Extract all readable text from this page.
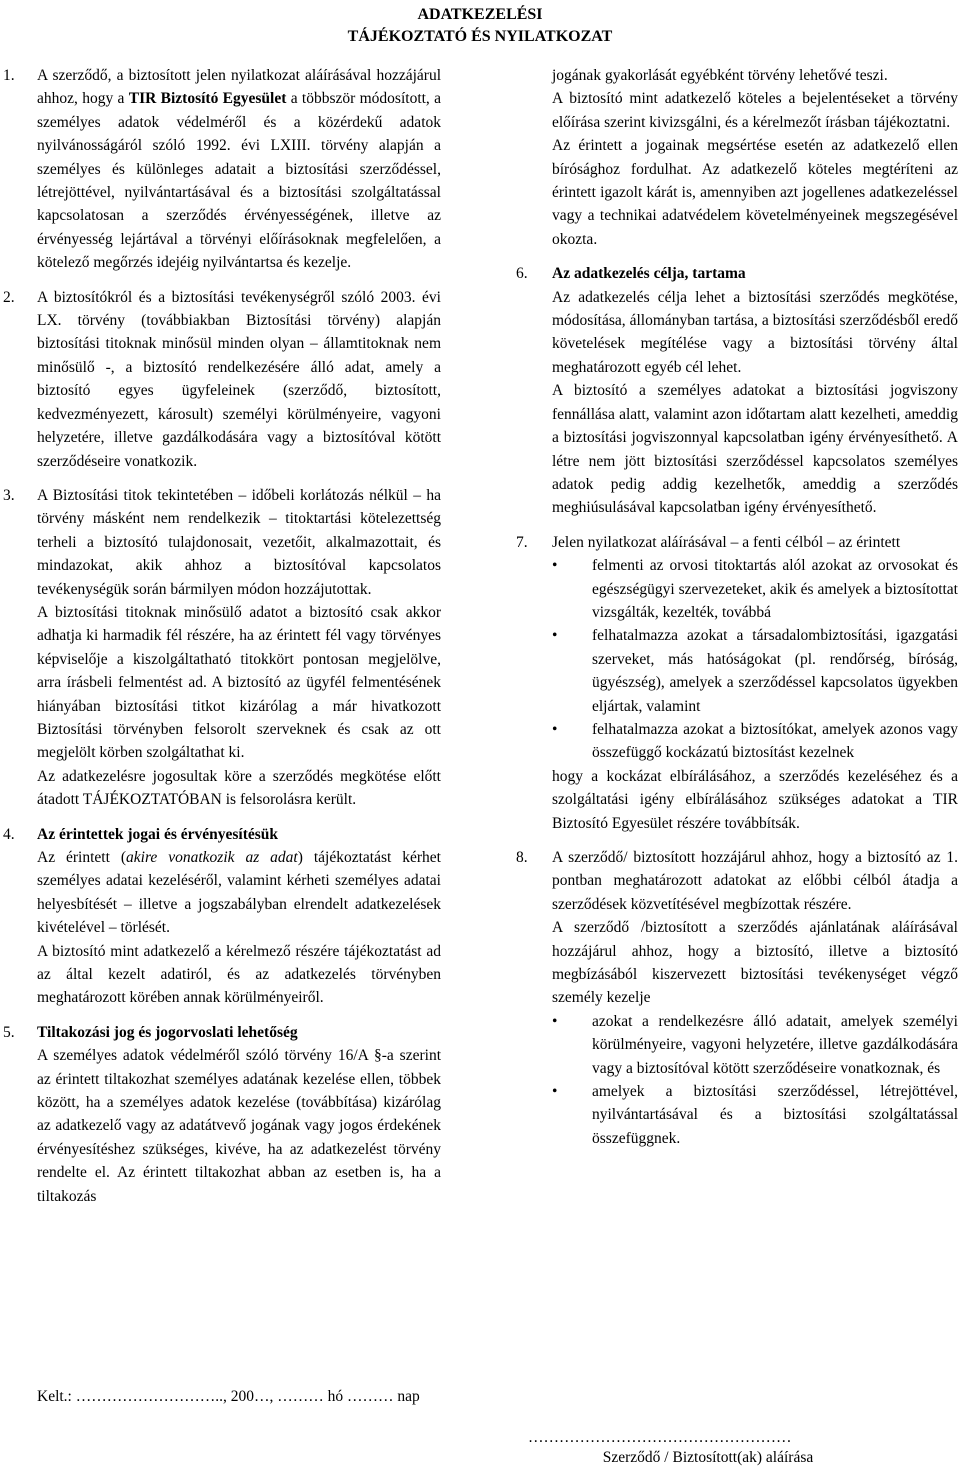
ADATKEZELÉSI
TÁJÉKOZTATÓ ÉS NYILATKOZAT
1. A szerződő, a biztosított jelen nyilatkozat aláírásával hozzájárul ahhoz, hogy a TIR Biztosító Egyesület a többször módosított, a személyes adatok védelméről és a közérdekű adatok nyilvánosságáról szóló 1992. évi LXIII. törvény alapján a személyes és különleges adatait a biztosítási szerződéssel, létrejöttével, nyilvántartásával és a biztosítási szolgáltatással kapcsolatosan a szerződés érvényességének, illetve az érvényesség lejártával a törvényi előírásoknak megfelelően, a kötelező megőrzés idejéig nyilvántartsa és kezelje.

2. A biztosítókról és a biztosítási tevékenységről szóló 2003. évi LX. törvény (továbbiakban Biztosítási törvény) alapján biztosítási titoknak minősül minden olyan – államtitoknak nem minősülő -, a biztosító rendelkezésére álló adat, amely a biztosító egyes ügyfeleinek (szerződő, biztosított, kedvezményezett, károsult) személyi körülményeire, vagyoni helyzetére, illetve gazdálkodására vagy a biztosítóval kötött szerződéseire vonatkozik.

3. A Biztosítási titok tekintetében – időbeli korlátozás nélkül – ha törvény másként nem rendelkezik – titoktartási kötelezettség terheli a biztosító tulajdonosait, vezetőit, alkalmazottait, és mindazokat, akik ahhoz a biztosítóval kapcsolatos tevékenységük során bármilyen módon hozzájutottak.

A biztosítási titoknak minősülő adatot a biztosító csak akkor adhatja ki harmadik fél részére, ha az érintett fél vagy törvényes képviselője a kiszolgáltatható titokkört pontosan megjelölve, arra írásbeli felmentést ad. A biztosító az ügyfél felmentésének hiányában biztosítási titkot kizárólag a már hivatkozott Biztosítási törvényben felsorolt szerveknek és csak az ott megjelölt körben szolgáltathat ki.

Az adatkezelésre jogosultak köre a szerződés megkötése előtt átadott TÁJÉKOZTATÓBAN is felsorolásra került.

4. Az érintettek jogai és érvényesítésük

Az érintett (akire vonatkozik az adat) tájékoztatást kérhet személyes adatai kezeléséről, valamint kérheti személyes adatai helyesbítését – illetve a jogszabályban elrendelt adatkezelések kivételével – törlését.

A biztosító mint adatkezelő a kérelmező részére tájékoztatást ad az által kezelt adatiról, és az adatkezelés törvényben meghatározott körében annak körülményeiről.

5. Tiltakozási jog és jogorvoslati lehetőség

A személyes adatok védelméről szóló törvény 16/A §-a szerint az érintett tiltakozhat személyes adatának kezelése ellen, többek között, ha a személyes adatok kezelése (továbbítása) kizárólag az adatkezelő vagy az adatátvevő jogának vagy jogos érdekének érvényesítéshez szükséges, kivéve, ha az adatkezelést törvény rendelte el. Az érintett tiltakozhat abban az esetben is, ha a tiltakozás

jogának gyakorlását egyébként törvény lehetővé teszi.

A biztosító mint adatkezelő köteles a bejelentéseket a törvény előírása szerint kivizsgálni, és a kérelmezőt írásban tájékoztatni.

Az érintett a jogainak megsértése esetén az adatkezelő ellen bírósághoz fordulhat. Az adatkezelő köteles megtéríteni az érintett igazolt kárát is, amennyiben azt jogellenes adatkezeléssel vagy a technikai adatvédelem követelményeinek megszegésével okozta.

6. Az adatkezelés célja, tartama

Az adatkezelés célja lehet a biztosítási szerződés megkötése, módosítása, állományban tartása, a biztosítási szerződésből eredő követelések megítélése vagy a biztosítási törvény által meghatározott egyéb cél lehet.

A biztosító a személyes adatokat a biztosítási jogviszony fennállása alatt, valamint azon időtartam alatt kezelheti, ameddig a biztosítási jogviszonnyal kapcsolatban igény érvényesíthető. A létre nem jött biztosítási szerződéssel kapcsolatos személyes adatok pedig addig kezelhetők, ameddig a szerződés meghiúsulásával kapcsolatban igény érvényesíthető.

7. Jelen nyilatkozat aláírásával – a fenti célból – az érintett

• felmenti az orvosi titoktartás alól azokat az orvosokat és egészségügyi szervezeteket, akik és amelyek a biztosítottat vizsgálták, kezelték, továbbá

• felhatalmazza azokat a társadalombiztosítási, igazgatási szerveket, más hatóságokat (pl. rendőrség, bíróság, ügyészség), amelyek a szerződéssel kapcsolatos ügyekben eljártak, valamint

• felhatalmazza azokat a biztosítókat, amelyek azonos vagy összefüggő kockázatú biztosítást kezelnek

hogy a kockázat elbírálásához, a szerződés kezeléséhez és a szolgáltatási igény elbírálásához szükséges adatokat a TIR Biztosító Egyesület részére továbbítsák.

8. A szerződő/ biztosított hozzájárul ahhoz, hogy a biztosító az 1. pontban meghatározott adatokat az előbbi célból átadja a szerződések közvetítésével megbízottak részére.

A szerződő /biztosított a szerződés ajánlatának aláírásával hozzájárul ahhoz, hogy a biztosító, illetve a biztosító megbízásából kiszervezett biztosítási tevékenységet végző személy kezelje

• azokat a rendelkezésre álló adatait, amelyek személyi körülményeire, vagyoni helyzetére, illetve gazdálkodására vagy a biztosítóval kötött szerződéseire vonatkoznak, és

• amelyek a biztosítási szerződéssel, létrejöttével, nyilvántartásával és a biztosítási szolgáltatással összefüggnek.

Kelt.: ……………………….., 200…, ……… hó ……… nap
……………………………………………
Szerződő / Biztosított(ak) aláírása
